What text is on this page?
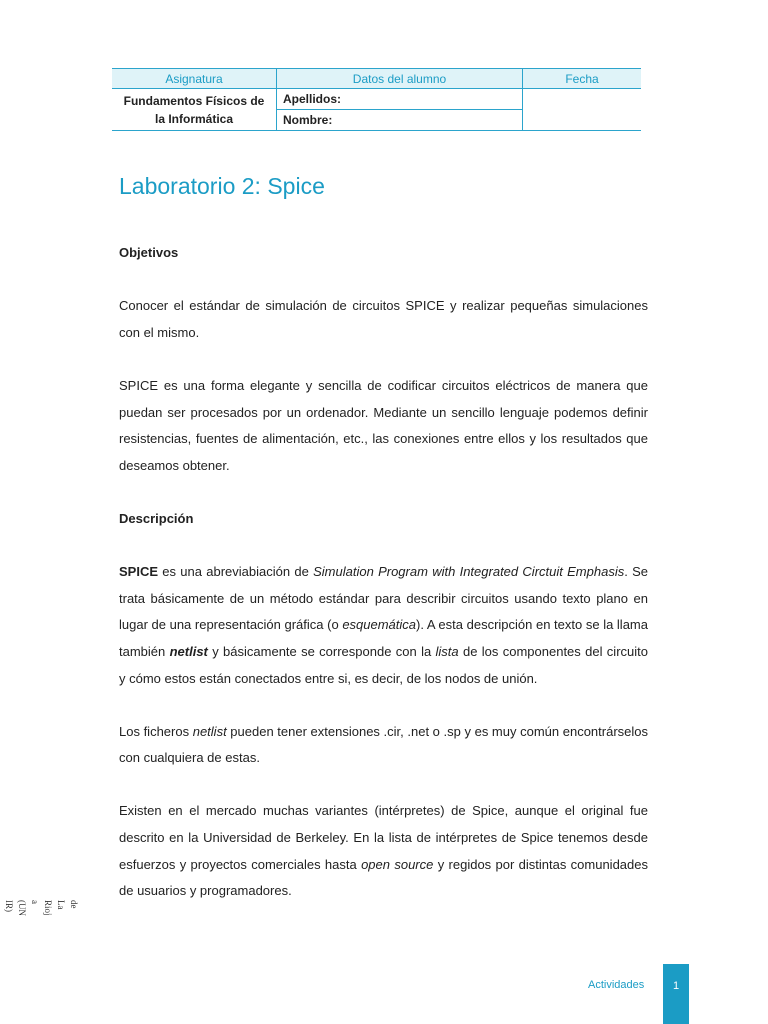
Asignatura	Datos del alumno	Fecha
Fundamentos Físicos de la Informática	Apellidos:	
	Nombre:	
Laboratorio 2: Spice
Objetivos

Conocer el estándar de simulación de circuitos SPICE y realizar pequeñas simulaciones con el mismo.

SPICE es una forma elegante y sencilla de codificar circuitos eléctricos de manera que puedan ser procesados por un ordenador. Mediante un sencillo lenguaje podemos definir resistencias, fuentes de alimentación, etc., las conexiones entre ellos y los resultados que deseamos obtener.

Descripción

SPICE es una abreviabiación de Simulation Program with Integrated Circtuit Emphasis. Se trata básicamente de un método estándar para describir circuitos usando texto plano en lugar de una representación gráfica (o esquemática). A esta descripción en texto se la llama también netlist y básicamente se corresponde con la lista de los componentes del circuito y cómo estos están conectados entre si, es decir, de los nodos de unión.

Los ficheros netlist pueden tener extensiones .cir, .net o .sp y es muy común encontrárselos con cualquiera de estas.

Existen en el mercado muchas variantes (intérpretes) de Spice, aunque el original fue descrito en la Universidad de Berkeley. En la lista de intérpretes de Spice tenemos desde esfuerzos y proyectos comerciales hasta open source y regidos por distintas comunidades de usuarios y programadores.

IR) (UN a Rioj La de
Actividades	1
